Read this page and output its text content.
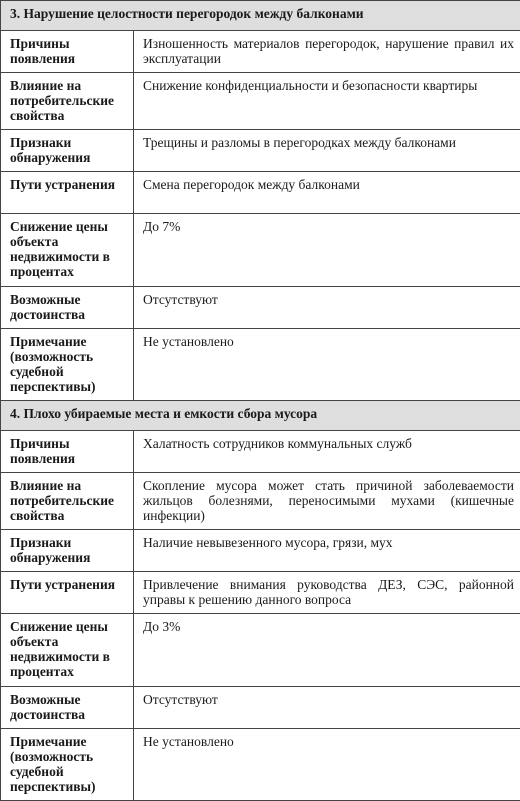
3. Нарушение целостности перегородок между балконами	
Причины появления	Изношенность материалов перегородок, нарушение правил их эксплуатации
Влияние на потребительские свойства	Снижение конфиденциальности и безопасности квартиры
Признаки обнаружения	Трещины и разломы в перегородках между балконами
Пути устранения	Смена перегородок между балконами
Снижение цены объекта недвижимости в процентах	До 7%
Возможные достоинства	Отсутствуют
Примечание (возможность судебной перспективы)	Не установлено
4. Плохо убираемые места и емкости сбора мусора	
Причины появления	Халатность сотрудников коммунальных служб
Влияние на потребительские свойства	Скопление мусора может стать причиной заболеваемости жильцов болезнями, переносимыми мухами (кишечные инфекции)
Признаки обнаружения	Наличие невывезенного мусора, грязи, мух
Пути устранения	Привлечение внимания руководства ДЕЗ, СЭС, районной управы к решению данного вопроса
Снижение цены объекта недвижимости в процентах	До 3%
Возможные достоинства	Отсутствуют
Примечание (возможность судебной перспективы)	Не установлено
